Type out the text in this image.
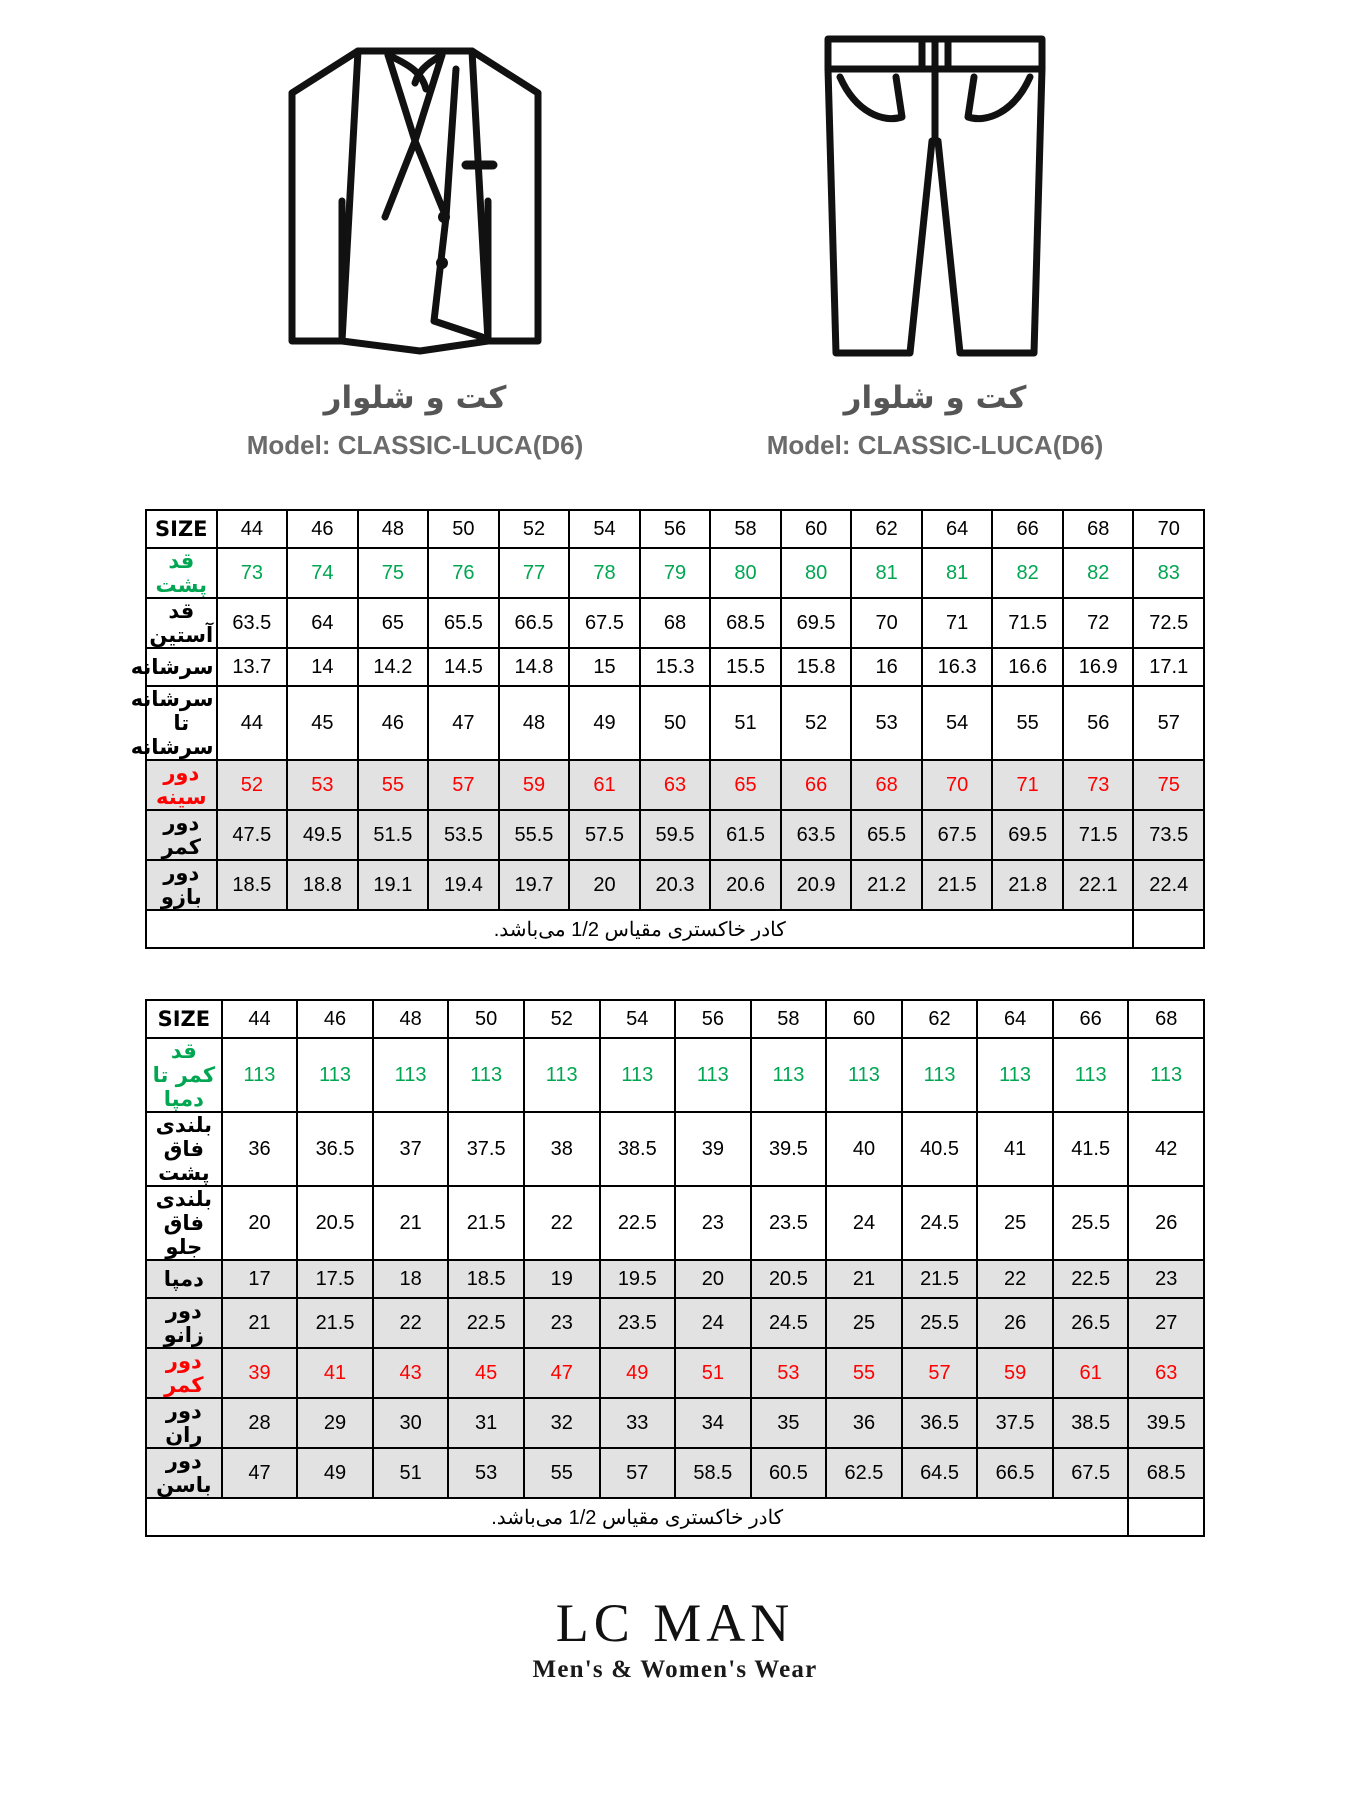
کت و شلوار
Model: CLASSIC-LUCA(D6)
کت و شلوار
Model: CLASSIC-LUCA(D6)
70	68	66	64	62	60	58	56	54	52	50	48	46	44	SIZE
83	82	82	81	81	80	80	79	78	77	76	75	74	73	قد پشت
72.5	72	71.5	71	70	69.5	68.5	68	67.5	66.5	65.5	65	64	63.5	قد آستین
17.1	16.9	16.6	16.3	16	15.8	15.5	15.3	15	14.8	14.5	14.2	14	13.7	سرشانه
57	56	55	54	53	52	51	50	49	48	47	46	45	44	سرشانه تا سرشانه
75	73	71	70	68	66	65	63	61	59	57	55	53	52	دور سینه
73.5	71.5	69.5	67.5	65.5	63.5	61.5	59.5	57.5	55.5	53.5	51.5	49.5	47.5	دور کمر
22.4	22.1	21.8	21.5	21.2	20.9	20.6	20.3	20	19.7	19.4	19.1	18.8	18.5	دور بازو
	کادر خاکستری مقیاس 1/2 می‌باشد.													
68	66	64	62	60	58	56	54	52	50	48	46	44	SIZE
113	113	113	113	113	113	113	113	113	113	113	113	113	قد کمر تا دمپا
42	41.5	41	40.5	40	39.5	39	38.5	38	37.5	37	36.5	36	بلندی فاق پشت
26	25.5	25	24.5	24	23.5	23	22.5	22	21.5	21	20.5	20	بلندی فاق جلو
23	22.5	22	21.5	21	20.5	20	19.5	19	18.5	18	17.5	17	دمپا
27	26.5	26	25.5	25	24.5	24	23.5	23	22.5	22	21.5	21	دور زانو
63	61	59	57	55	53	51	49	47	45	43	41	39	دور کمر
39.5	38.5	37.5	36.5	36	35	34	33	32	31	30	29	28	دور ران
68.5	67.5	66.5	64.5	62.5	60.5	58.5	57	55	53	51	49	47	دور باسن
	کادر خاکستری مقیاس 1/2 می‌باشد.												
LC MAN
Men's & Women's Wear
